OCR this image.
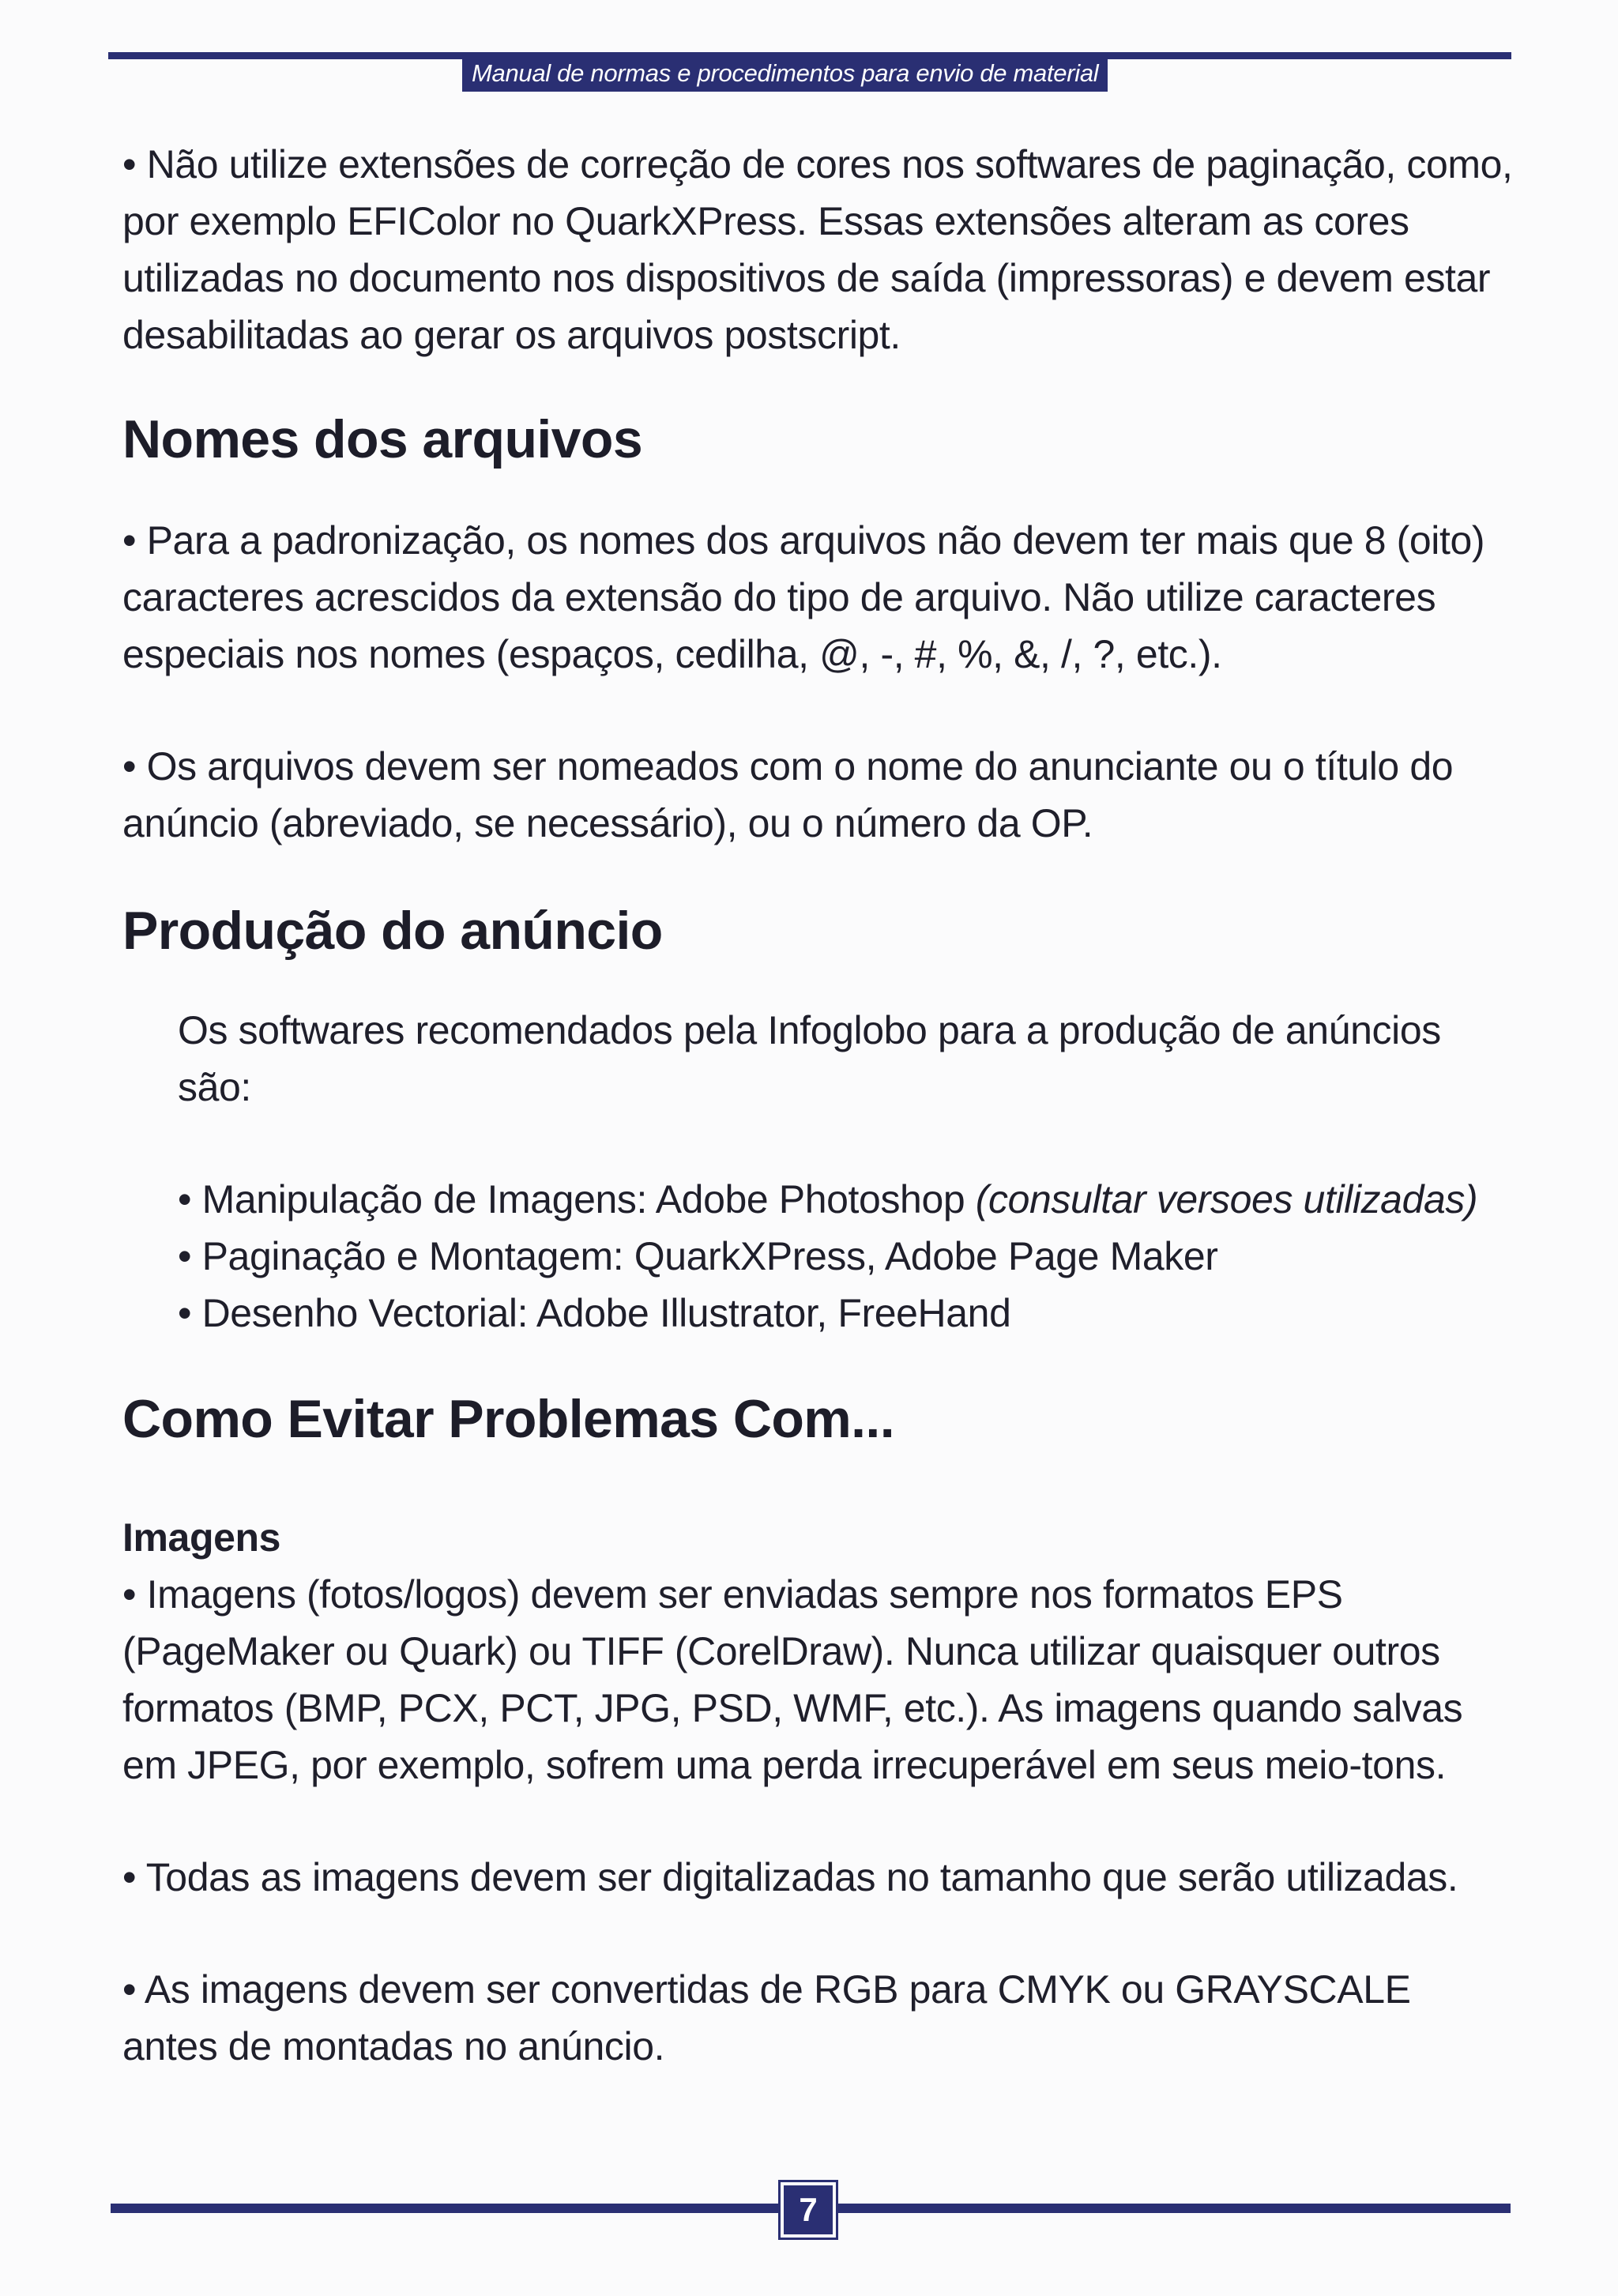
Manual de normas e procedimentos para envio de material

• Não utilize extensões de correção de cores nos softwares de paginação, como, por exemplo EFIColor no QuarkXPress. Essas extensões alteram as cores utilizadas no documento nos dispositivos de saída (impressoras) e devem estar desabilitadas ao gerar os arquivos postscript.

Nomes dos arquivos

• Para a padronização, os nomes dos arquivos não devem ter mais que 8 (oito) caracteres acrescidos da extensão do tipo de arquivo. Não utilize caracteres especiais nos nomes (espaços, cedilha, @, -, #, %, &, /, ?, etc.).

• Os arquivos devem ser nomeados com o nome do anunciante ou o título do anúncio (abreviado, se necessário), ou o número da OP.

Produção do anúncio

Os softwares recomendados pela Infoglobo para a produção de anúncios são:

• Manipulação de Imagens: Adobe Photoshop (consultar versoes utilizadas)

• Paginação e Montagem: QuarkXPress, Adobe Page Maker

• Desenho Vectorial: Adobe Illustrator, FreeHand

Como Evitar Problemas Com...
Imagens

• Imagens (fotos/logos) devem ser enviadas sempre nos formatos EPS (PageMaker ou Quark) ou TIFF (CorelDraw). Nunca utilizar quaisquer outros formatos (BMP, PCX, PCT, JPG, PSD, WMF, etc.). As imagens quando salvas em JPEG, por exemplo, sofrem uma perda irrecuperável em seus meio-tons.

• Todas as imagens devem ser digitalizadas no tamanho que serão utilizadas.

• As imagens devem ser convertidas de RGB para CMYK ou GRAYSCALE antes de montadas no anúncio.

7
